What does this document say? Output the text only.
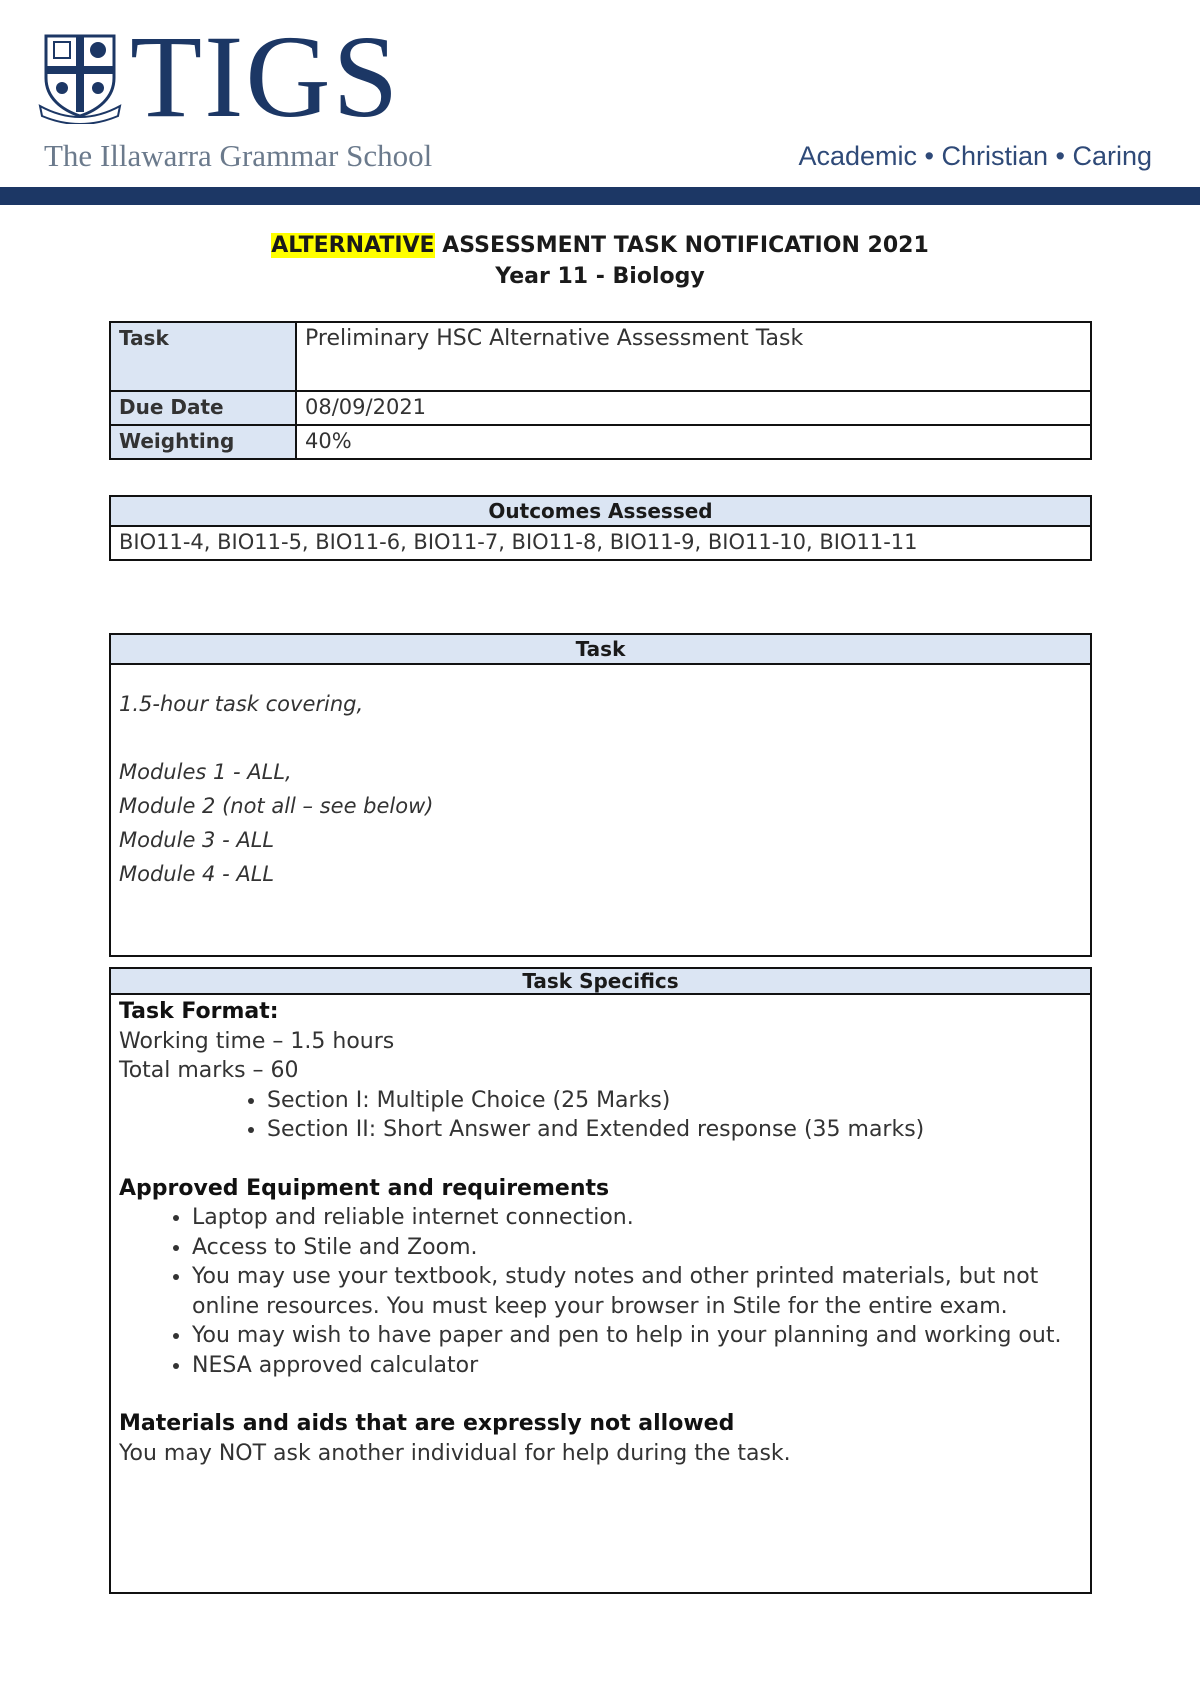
TIGS
The Illawarra Grammar School	Academic • Christian • Caring
ALTERNATIVE ASSESSMENT TASK NOTIFICATION 2021
Year 11 - Biology
Task	Preliminary HSC Alternative Assessment Task
Due Date	08/09/2021
Weighting	40%
Outcomes Assessed
BIO11-4, BIO11-5, BIO11-6, BIO11-7, BIO11-8, BIO11-9, BIO11-10, BIO11-11
Task

1.5-hour task covering,
Modules 1 - ALL,
Module 2 (not all – see below)
Module 3 - ALL
Module 4 - ALL
Task Specifics

Task Format:
Working time – 1.5 hours
Total marks – 60
• Section I: Multiple Choice (25 Marks)
• Section II: Short Answer and Extended response (35 marks)
Approved Equipment and requirements
• Laptop and reliable internet connection.
• Access to Stile and Zoom.
• You may use your textbook, study notes and other printed materials, but not online resources. You must keep your browser in Stile for the entire exam.
• You may wish to have paper and pen to help in your planning and working out.
• NESA approved calculator
Materials and aids that are expressly not allowed
You may NOT ask another individual for help during the task.
